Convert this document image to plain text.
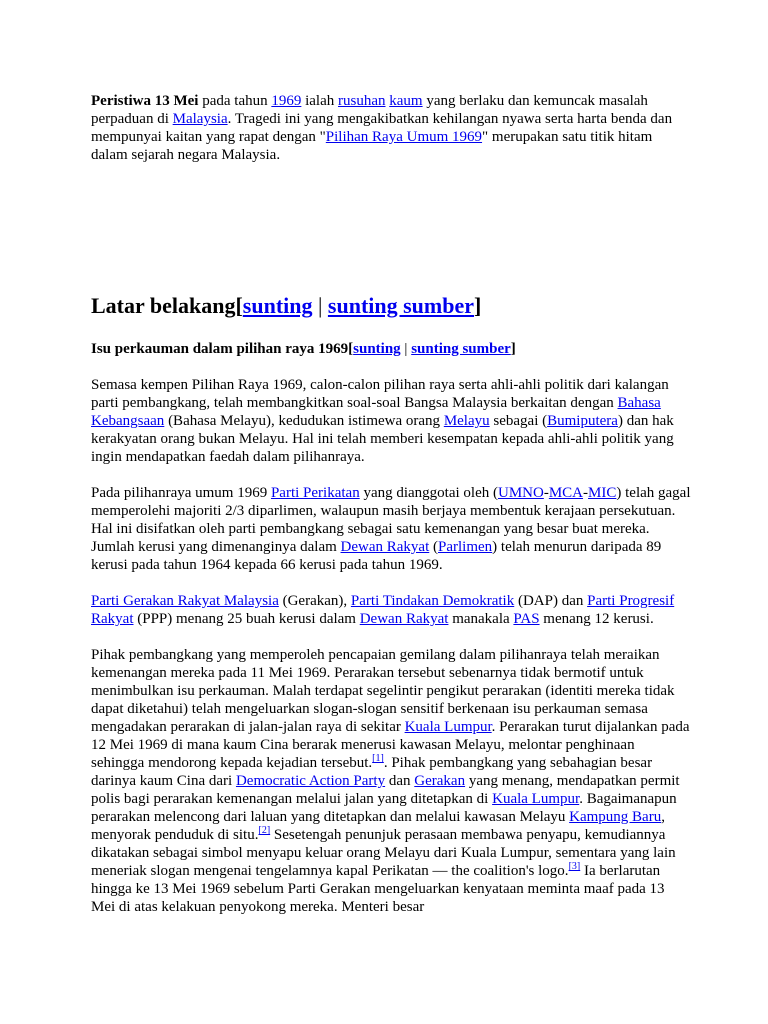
Peristiwa 13 Mei pada tahun 1969 ialah rusuhan kaum yang berlaku dan kemuncak masalah perpaduan di Malaysia. Tragedi ini yang mengakibatkan kehilangan nyawa serta harta benda dan mempunyai kaitan yang rapat dengan "Pilihan Raya Umum 1969" merupakan satu titik hitam dalam sejarah negara Malaysia.

Latar belakang[sunting | sunting sumber]
Isu perkauman dalam pilihan raya 1969[sunting | sunting sumber]

Semasa kempen Pilihan Raya 1969, calon-calon pilihan raya serta ahli-ahli politik dari kalangan parti pembangkang, telah membangkitkan soal-soal Bangsa Malaysia berkaitan dengan Bahasa Kebangsaan (Bahasa Melayu), kedudukan istimewa orang Melayu sebagai (Bumiputera) dan hak kerakyatan orang bukan Melayu. Hal ini telah memberi kesempatan kepada ahli-ahli politik yang ingin mendapatkan faedah dalam pilihanraya.

Pada pilihanraya umum 1969 Parti Perikatan yang dianggotai oleh (UMNO-MCA-MIC) telah gagal memperolehi majoriti 2/3 diparlimen, walaupun masih berjaya membentuk kerajaan persekutuan. Hal ini disifatkan oleh parti pembangkang sebagai satu kemenangan yang besar buat mereka. Jumlah kerusi yang dimenanginya dalam Dewan Rakyat (Parlimen) telah menurun daripada 89 kerusi pada tahun 1964 kepada 66 kerusi pada tahun 1969.

Parti Gerakan Rakyat Malaysia (Gerakan), Parti Tindakan Demokratik (DAP) dan Parti Progresif Rakyat (PPP) menang 25 buah kerusi dalam Dewan Rakyat manakala PAS menang 12 kerusi.

Pihak pembangkang yang memperoleh pencapaian gemilang dalam pilihanraya telah meraikan kemenangan mereka pada 11 Mei 1969. Perarakan tersebut sebenarnya tidak bermotif untuk menimbulkan isu perkauman. Malah terdapat segelintir pengikut perarakan (identiti mereka tidak dapat diketahui) telah mengeluarkan slogan-slogan sensitif berkenaan isu perkauman semasa mengadakan perarakan di jalan-jalan raya di sekitar Kuala Lumpur. Perarakan turut dijalankan pada 12 Mei 1969 di mana kaum Cina berarak menerusi kawasan Melayu, melontar penghinaan sehingga mendorong kepada kejadian tersebut.[1]. Pihak pembangkang yang sebahagian besar darinya kaum Cina dari Democratic Action Party dan Gerakan yang menang, mendapatkan permit polis bagi perarakan kemenangan melalui jalan yang ditetapkan di Kuala Lumpur. Bagaimanapun perarakan melencong dari laluan yang ditetapkan dan melalui kawasan Melayu Kampung Baru, menyorak penduduk di situ.[2] Sesetengah penunjuk perasaan membawa penyapu, kemudiannya dikatakan sebagai simbol menyapu keluar orang Melayu dari Kuala Lumpur, sementara yang lain meneriak slogan mengenai tengelamnya kapal Perikatan — the coalition's logo.[3] Ia berlarutan hingga ke 13 Mei 1969 sebelum Parti Gerakan mengeluarkan kenyataan meminta maaf pada 13 Mei di atas kelakuan penyokong mereka. Menteri besar
